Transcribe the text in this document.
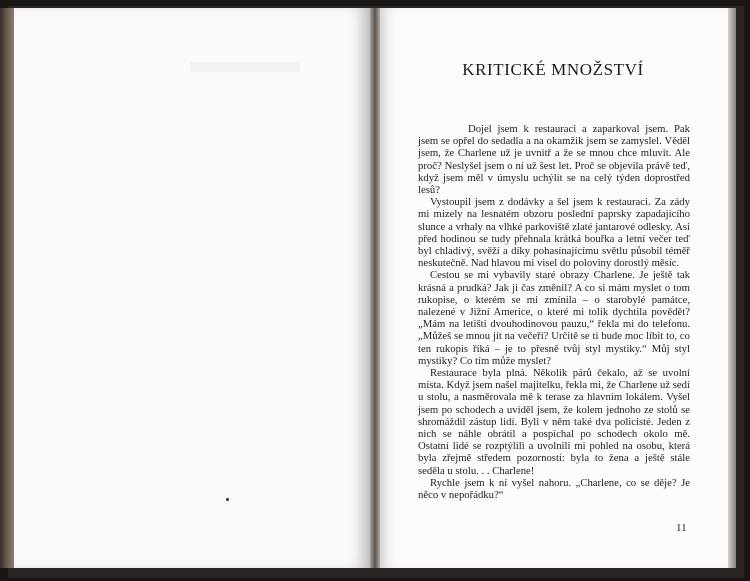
KRITICKÉ MNOŽSTVÍ

Dojel jsem k restauraci a zaparkoval jsem. Pak jsem se opřel do sedadla a na okamžik jsem se zamyslel. Věděl jsem, že Charlene už je uvnitř a že se mnou chce mluvit. Ale proč? Neslyšel jsem o ní už šest let. Proč se objevila právě teď, když jsem měl v úmyslu uchýlit se na celý týden doprostřed lesů?

Vystoupil jsem z dodávky a šel jsem k restauraci. Za zády mi mizely na lesnatém obzoru poslední paprsky zapadajícího slunce a vrhaly na vlhké parkoviště zlaté jantarové odlesky. Asi před hodinou se tudy přehnala krátká bouřka a letní večer teď byl chladivý, svěží a díky pohasínajícímu světlu působil téměř neskutečně. Nad hlavou mi visel do poloviny dorostlý měsíc.

Cestou se mi vybavily staré obrazy Charlene. Je ještě tak krásná a prudká? Jak ji čas změnil? A co si mám myslet o tom rukopise, o kterém se mi zmínila – o starobylé památce, nalezené v Jižní Americe, o které mi tolik dychtila povědět? „Mám na letišti dvouhodinovou pauzu,“ řekla mi do telefonu. „Můžeš se mnou jít na večeři? Určitě se ti bude moc líbit to, co ten rukopis říká – je to přesně tvůj styl mystiky.“ Můj styl mystiky? Co tím může myslet?

Restaurace byla plná. Několik párů čekalo, až se uvolní místa. Když jsem našel majitelku, řekla mi, že Charlene už sedí u stolu, a nasměrovala mě k terase za hlavním lokálem. Vyšel jsem po schodech a uviděl jsem, že kolem jednoho ze stolů se shromáždil zástup lidí. Byli v něm také dva policisté. Jeden z nich se náhle obrátil a pospíchal po schodech okolo mě. Ostatní lidé se rozptýlili a uvolnili mi pohled na osobu, která byla zřejmě středem pozornosti: byla to žena a ještě stále seděla u stolu. . . Charlene!

Rychle jsem k ní vyšel nahoru. „Charlene, co se děje? Je něco v nepořádku?“

11
